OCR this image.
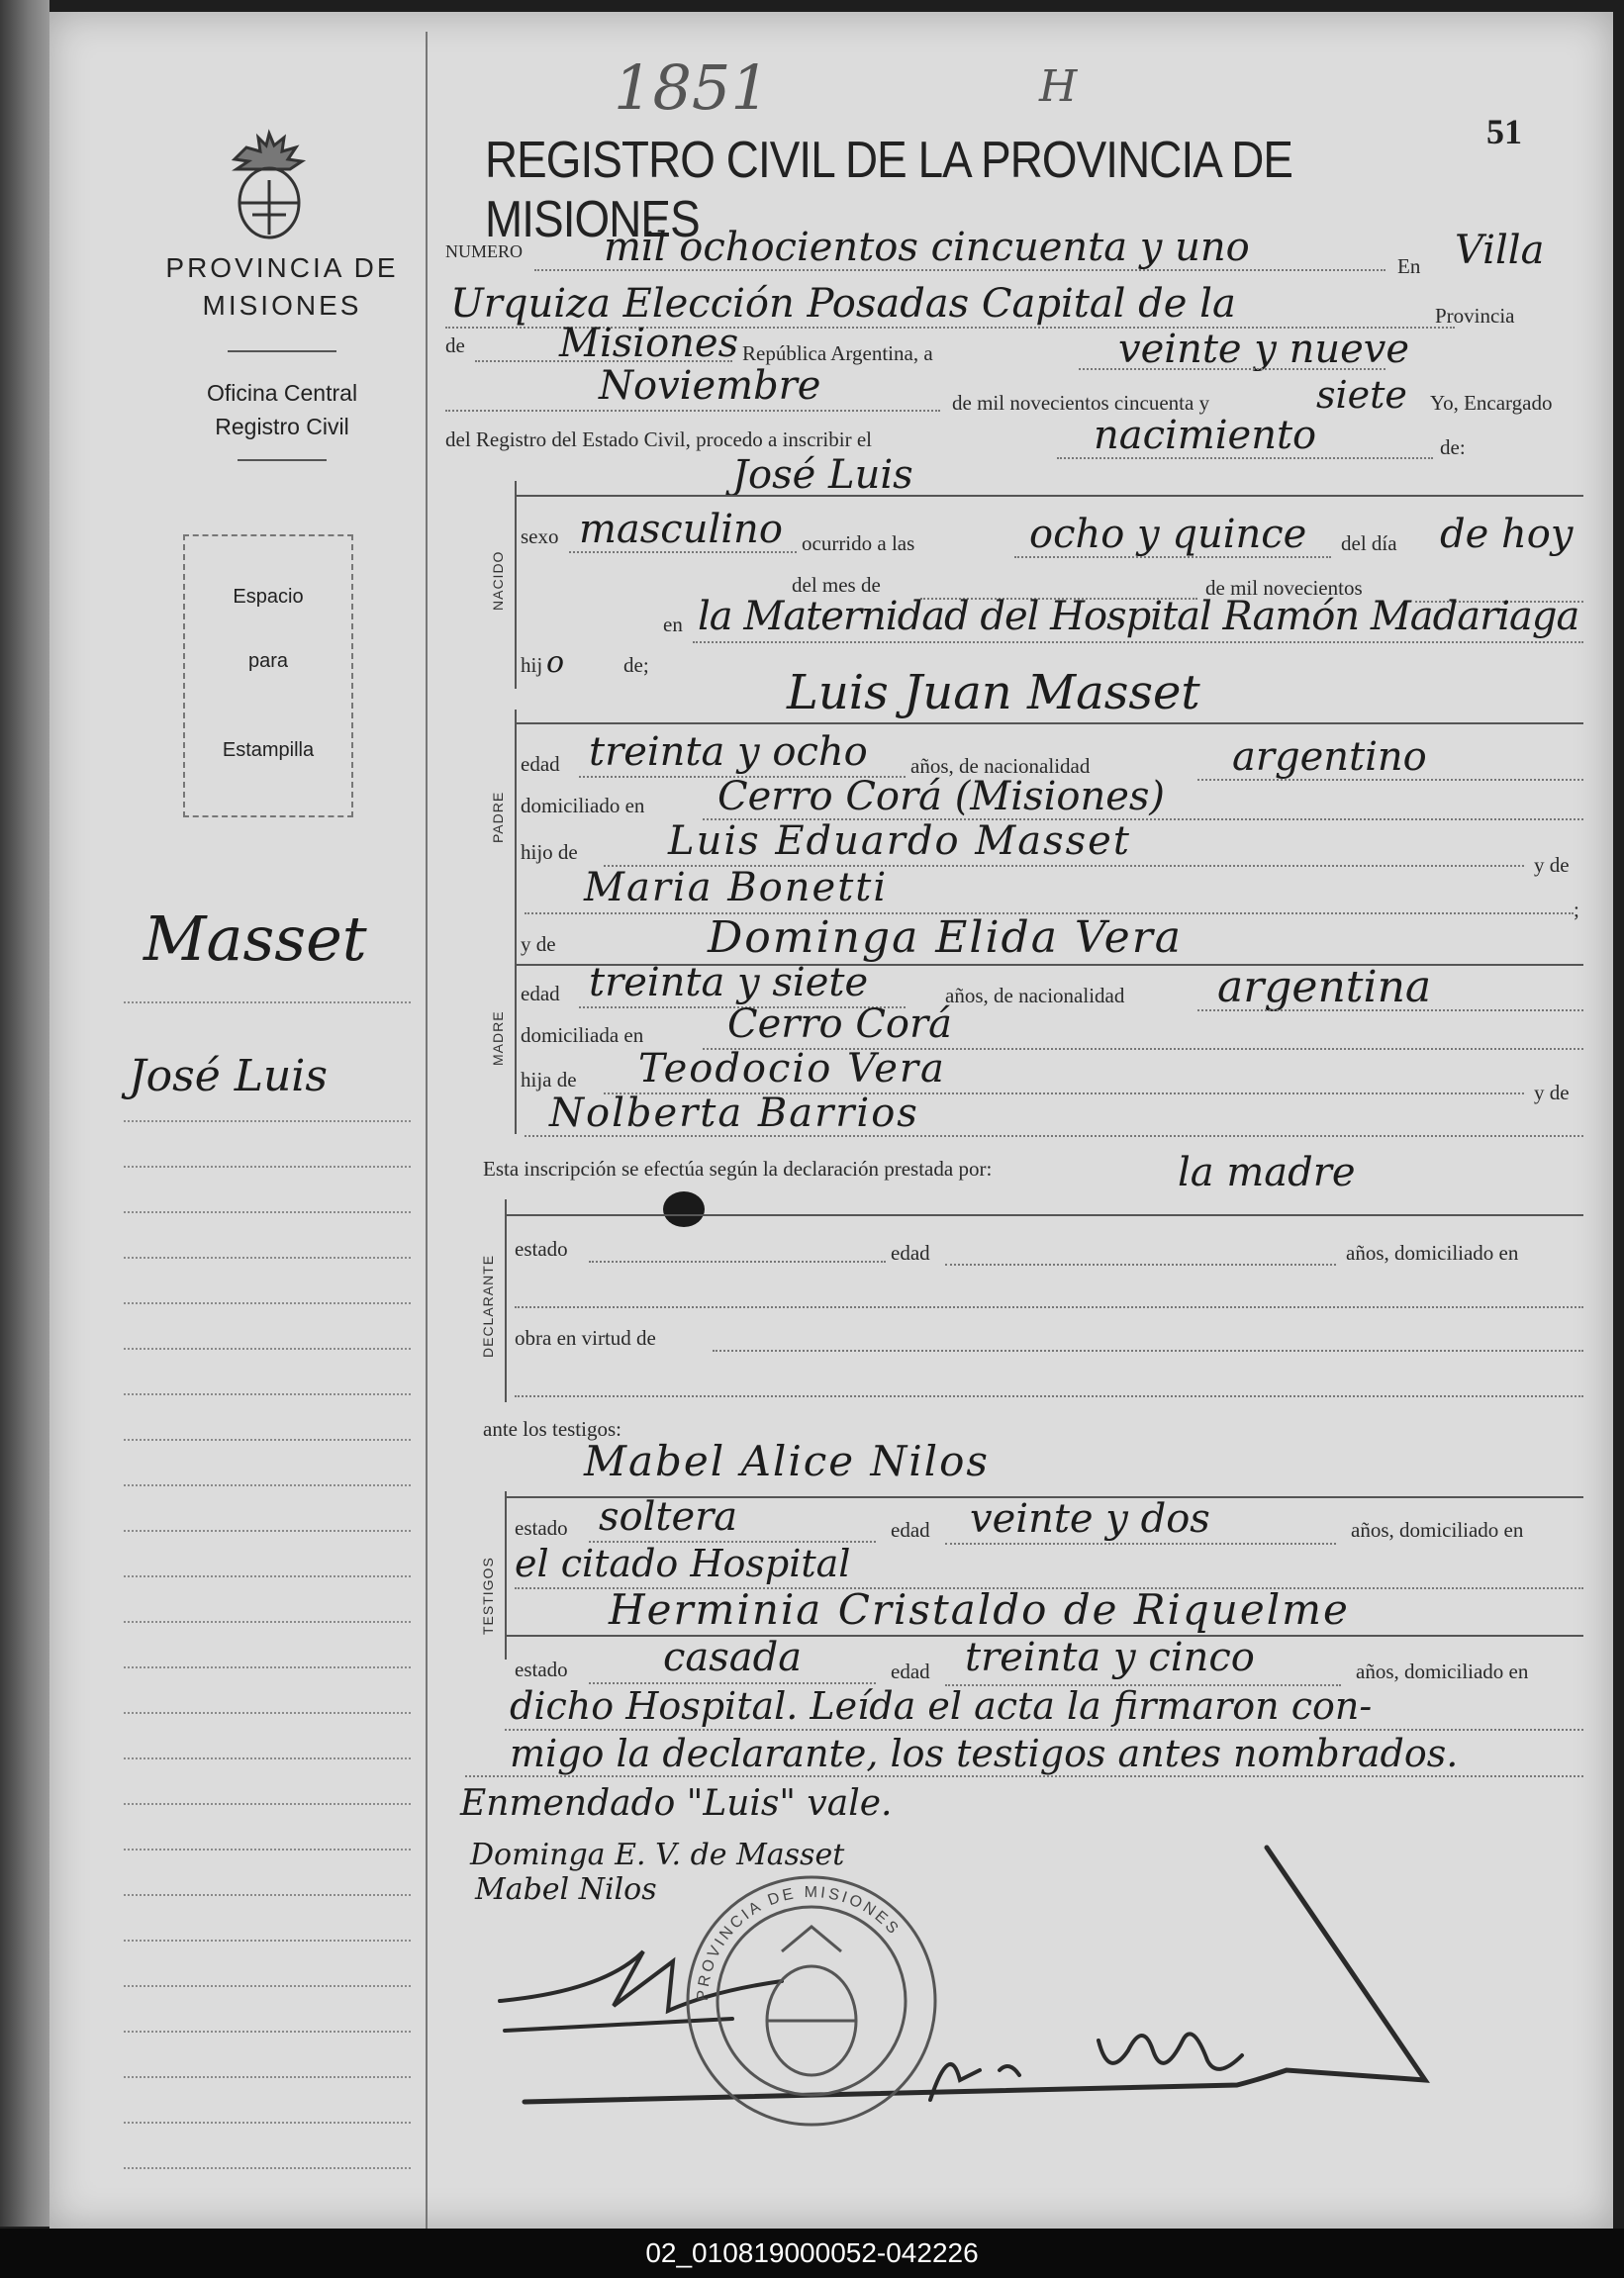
1851	H
51
REGISTRO CIVIL DE LA PROVINCIA DE MISIONES
PROVINCIA DE MISIONES
Oficina Central
Registro Civil
Espacio
para
Estampilla
Masset
José Luis
NUMERO mil ochocientos cincuenta y uno	En Villa
Urquiza Elección Posadas Capital de la	Provincia
de Misiones República Argentina, a	veinte y nueve
Noviembre	de mil novecientos cincuenta y	siete Yo, Encargado
del Registro del Estado Civil, procedo a inscribir el	nacimiento	de:
José Luis
NACIDO
sexo masculino ocurrido a las	ocho y quince del día de hoy
del mes de	de mil novecientos
en la Maternidad del Hospital Ramón Madariaga
hij o	de;	Luis Juan Masset
PADRE
edad treinta y ocho años, de nacionalidad	argentino
domiciliado en Cerro Corá (Misiones)
hijo de Luis Eduardo Masset
y de
Maria Bonetti	;
y de	Dominga Elida Vera
MADRE
edad treinta y siete	años, de nacionalidad argentina
domiciliada en Cerro Corá
hija de Teodocio Vera
y de
Nolberta Barrios
Esta inscripción se efectúa según la declaración prestada por:	la madre
DECLARANTE
estado	edad	años, domiciliado en
obra en virtud de
ante los testigos:
Mabel Alice Nilos
TESTIGOS
estado soltera	edad veinte y dos	años, domiciliado en
el citado Hospital
Herminia Cristaldo de Riquelme
estado casada	edad treinta y cinco	años, domiciliado en
dicho Hospital. Leída el acta la firmaron con-
migo la declarante, los testigos antes nombrados.
Enmendado "Luis" vale.
Dominga E. V. de Masset
Mabel Nilos
PROVINCIA DE MISIONES
02_010819000052-042226
